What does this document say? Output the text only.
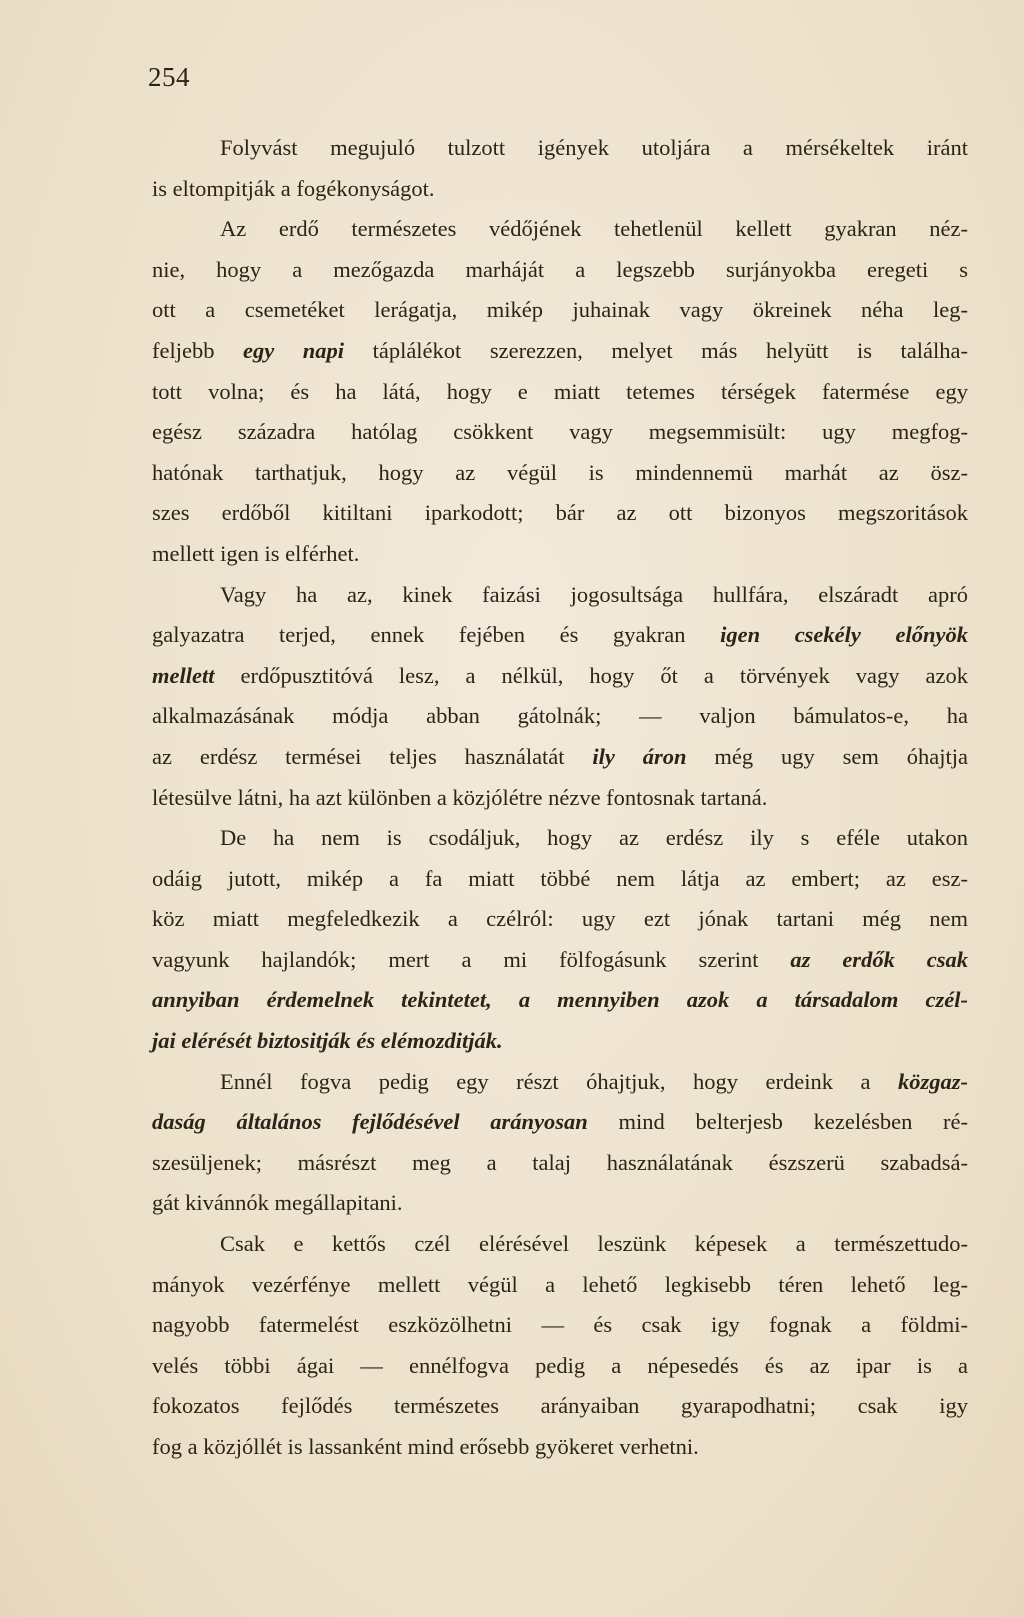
254
Folyvást megujuló tulzott igények utoljára a mérsékeltek iránt
is eltompitják a fogékonyságot.
Az erdő természetes védőjének tehetlenül kellett gyakran néz-
nie, hogy a mezőgazda marháját a legszebb surjányokba eregeti s
ott a csemetéket lerágatja, mikép juhainak vagy ökreinek néha leg-
feljebb egy napi táplálékot szerezzen, melyet más helyütt is találha-
tott volna; és ha látá, hogy e miatt tetemes térségek fatermése egy
egész századra hatólag csökkent vagy megsemmisült: ugy megfog-
hatónak tarthatjuk, hogy az végül is mindennemü marhát az ösz-
szes erdőből kitiltani iparkodott; bár az ott bizonyos megszoritások
mellett igen is elférhet.
Vagy ha az, kinek faizási jogosultsága hullfára, elszáradt apró
galyazatra terjed, ennek fejében és gyakran igen csekély előnyök
mellett erdőpusztitóvá lesz, a nélkül, hogy őt a törvények vagy azok
alkalmazásának módja abban gátolnák; — valjon bámulatos-e, ha
az erdész termései teljes használatát ily áron még ugy sem óhajtja
létesülve látni, ha azt különben a közjólétre nézve fontosnak tartaná.
De ha nem is csodáljuk, hogy az erdész ily s eféle utakon
odáig jutott, mikép a fa miatt többé nem látja az embert; az esz-
köz miatt megfeledkezik a czélról: ugy ezt jónak tartani még nem
vagyunk hajlandók; mert a mi fölfogásunk szerint az erdők csak
annyiban érdemelnek tekintetet, a mennyiben azok a társadalom czél-
jai elérését biztositják és elémozditják.
Ennél fogva pedig egy részt óhajtjuk, hogy erdeink a közgaz-
daság általános fejlődésével arányosan mind belterjesb kezelésben ré-
szesüljenek; másrészt meg a talaj használatának észszerü szabadsá-
gát kivánnók megállapitani.
Csak e kettős czél elérésével leszünk képesek a természettudo-
mányok vezérfénye mellett végül a lehető legkisebb téren lehető leg-
nagyobb fatermelést eszközölhetni — és csak igy fognak a földmi-
velés többi ágai — ennélfogva pedig a népesedés és az ipar is a
fokozatos fejlődés természetes arányaiban gyarapodhatni; csak igy
fog a közjóllét is lassanként mind erősebb gyökeret verhetni.
